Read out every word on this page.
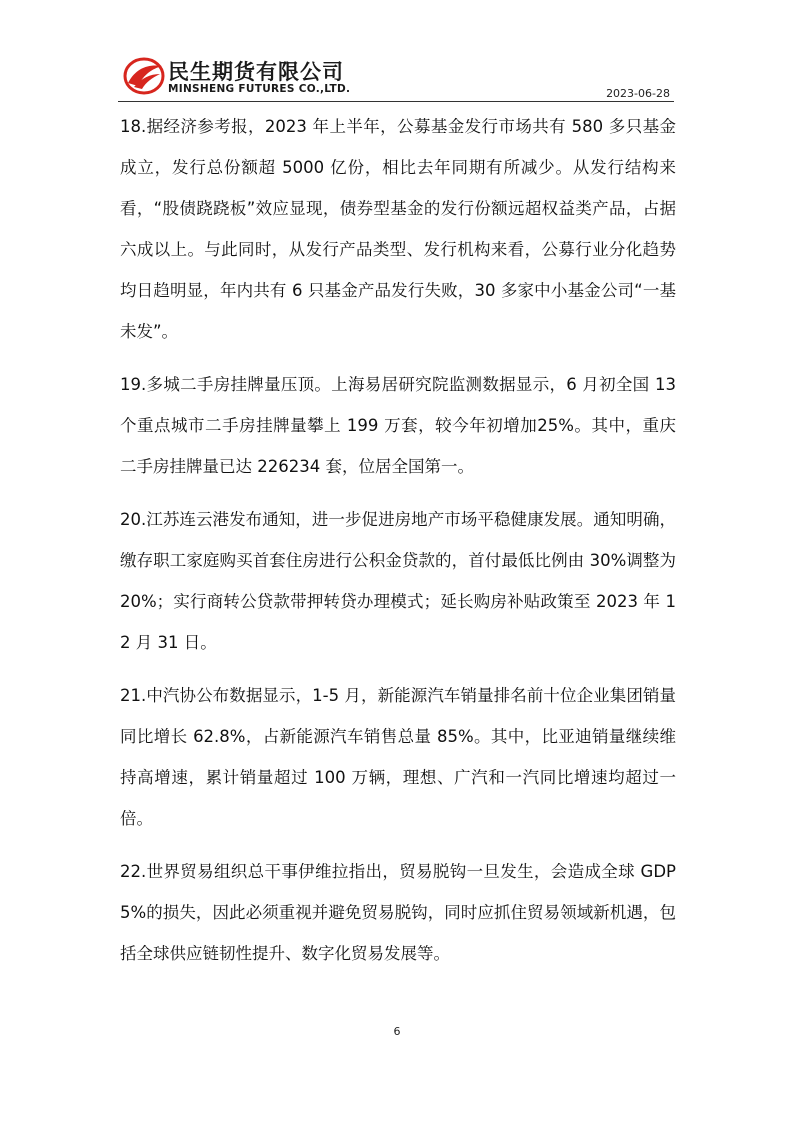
民生期货有限公司
MINSHENG FUTURES CO.,LTD.	2023-06-28

18.据经济参考报，2023 年上半年，公募基金发行市场共有 580 多只基金成立，发行总份额超 5000 亿份，相比去年同期有所减少。从发行结构来看，“股债跷跷板”效应显现，债券型基金的发行份额远超权益类产品，占据六成以上。与此同时，从发行产品类型、发行机构来看，公募行业分化趋势均日趋明显，年内共有 6 只基金产品发行失败，30 多家中小基金公司“一基未发”。

19.多城二手房挂牌量压顶。上海易居研究院监测数据显示，6 月初全国 13 个重点城市二手房挂牌量攀上 199 万套，较今年初增加25%。其中，重庆二手房挂牌量已达 226234 套，位居全国第一。

20.江苏连云港发布通知，进一步促进房地产市场平稳健康发展。通知明确，缴存职工家庭购买首套住房进行公积金贷款的，首付最低比例由 30%调整为 20%；实行商转公贷款带押转贷办理模式；延长购房补贴政策至 2023 年 12 月 31 日。

21.中汽协公布数据显示，1-5 月，新能源汽车销量排名前十位企业集团销量同比增长 62.8%，占新能源汽车销售总量 85%。其中，比亚迪销量继续维持高增速，累计销量超过 100 万辆，理想、广汽和一汽同比增速均超过一倍。

22.世界贸易组织总干事伊维拉指出，贸易脱钩一旦发生，会造成全球 GDP 5%的损失，因此必须重视并避免贸易脱钩，同时应抓住贸易领域新机遇，包括全球供应链韧性提升、数字化贸易发展等。

6
